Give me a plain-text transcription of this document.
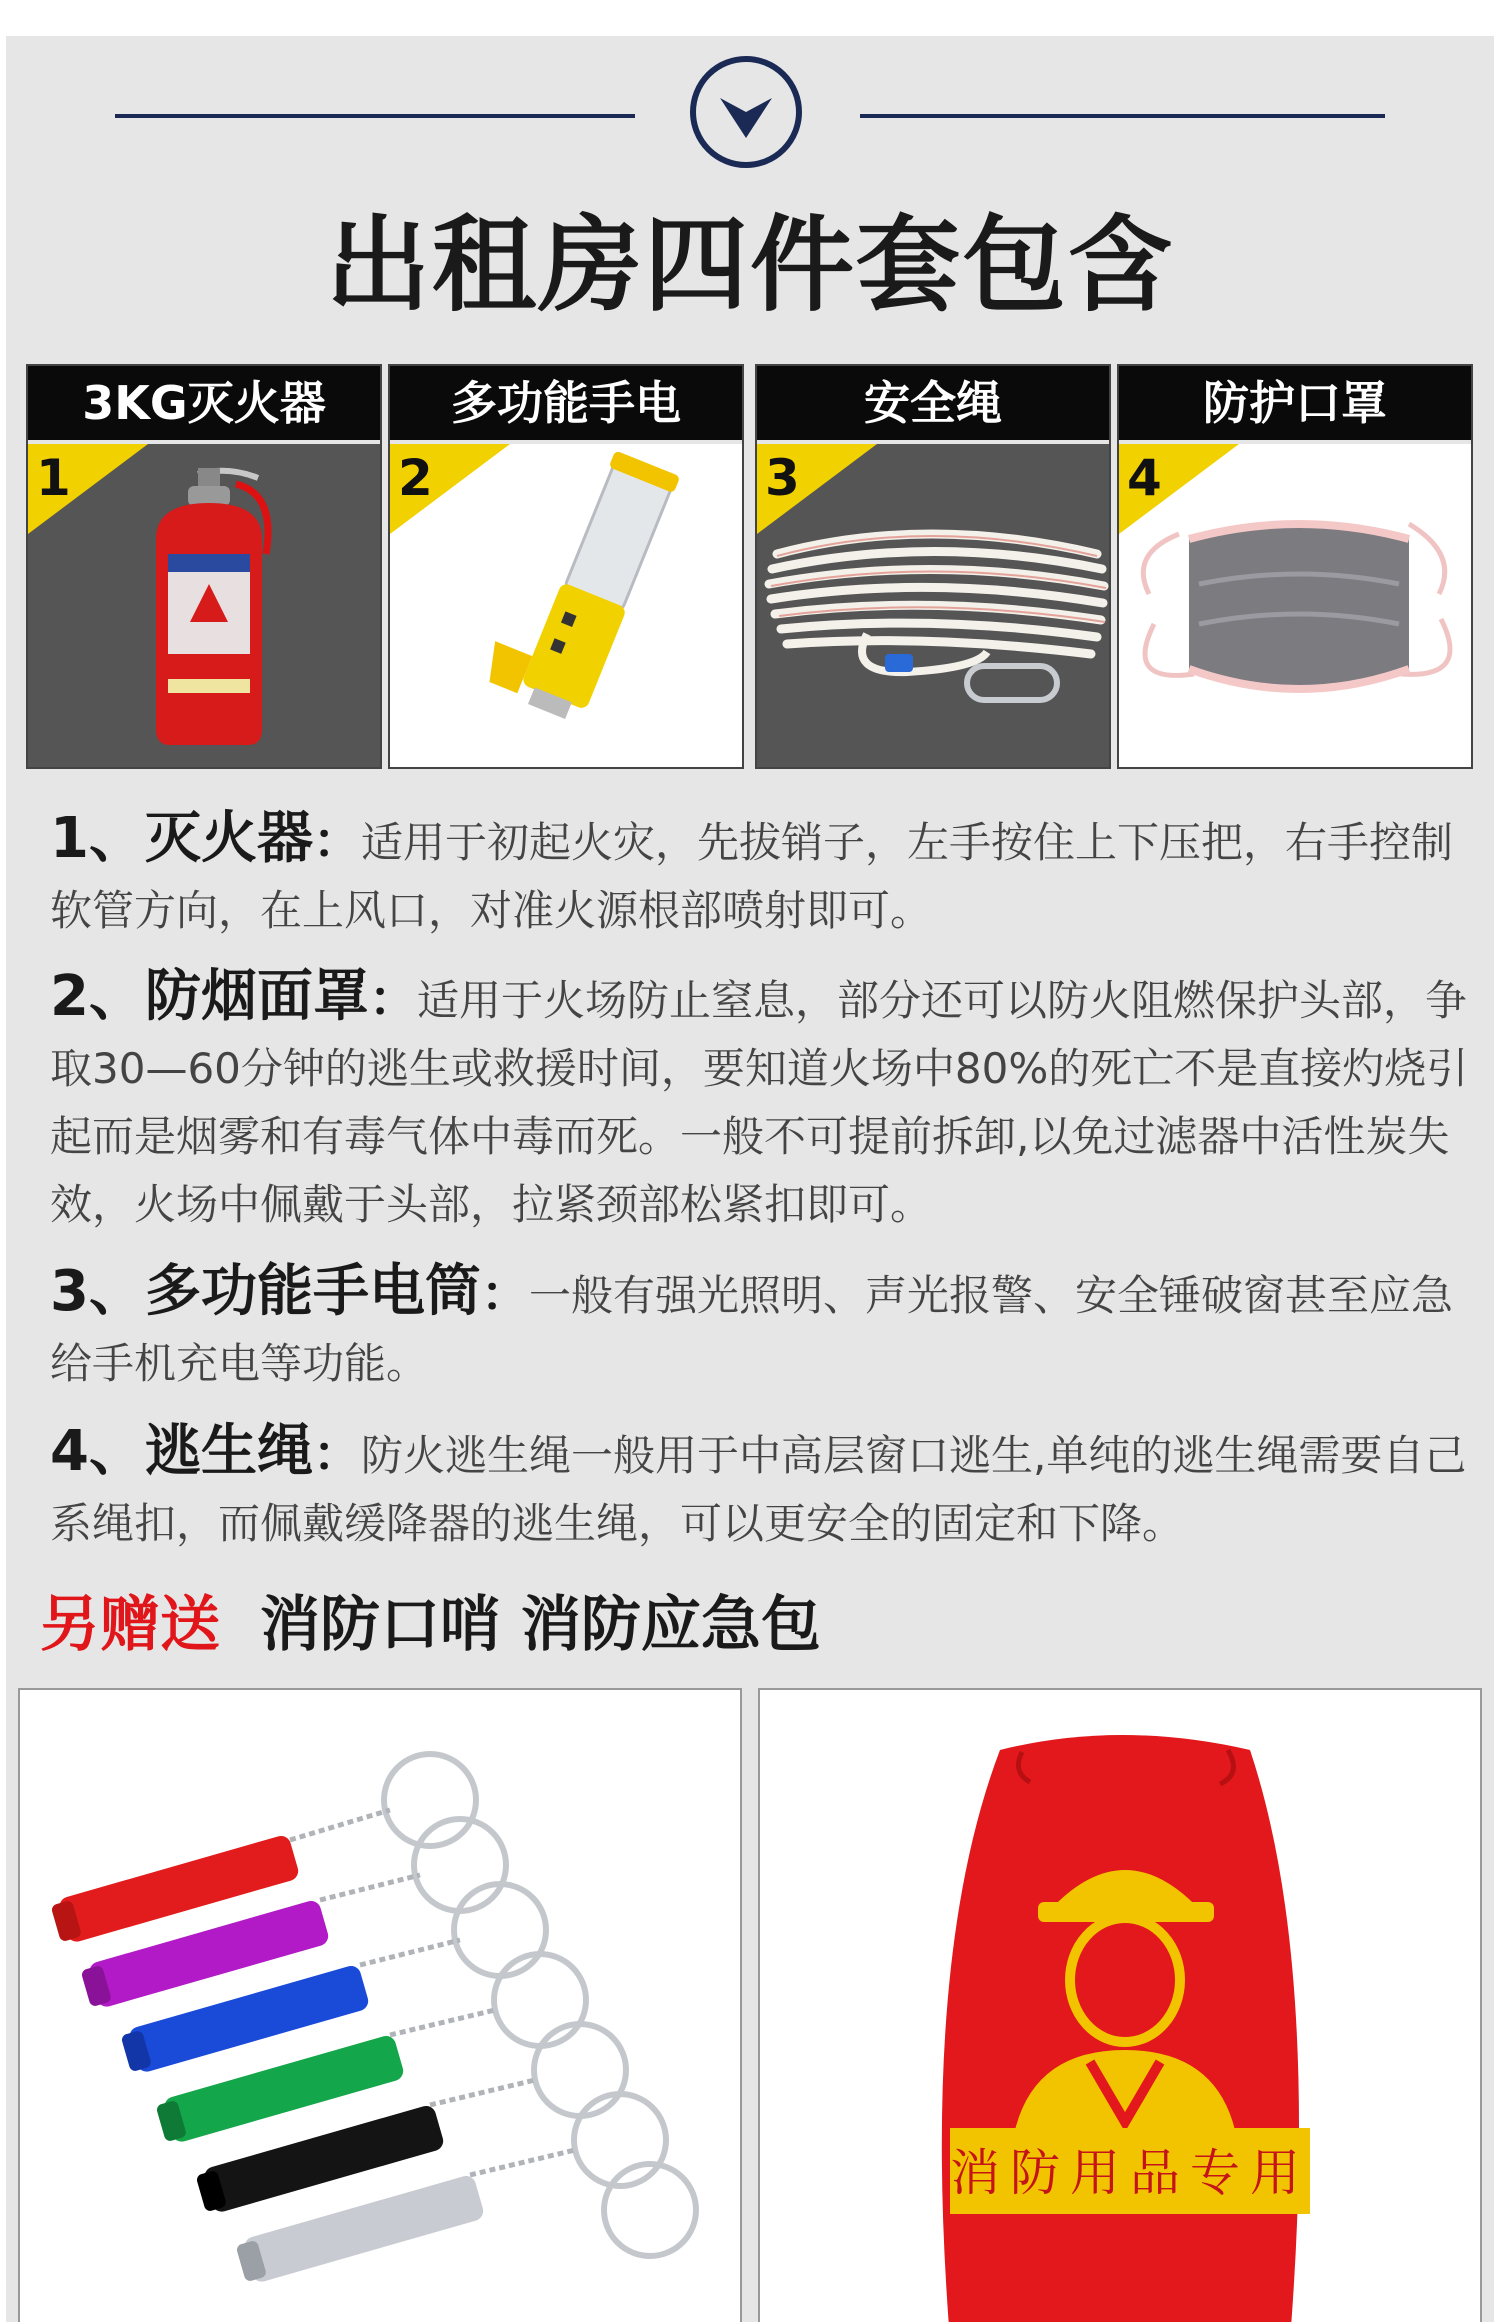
出租房四件套包含
3KG灭火器
1
多功能手电
2
安全绳
3
防护口罩
4
1、灭火器：适用于初起火灾，先拔销子，左手按住上下压把，右手控制软管方向，在上风口，对准火源根部喷射即可。
2、防烟面罩：适用于火场防止窒息，部分还可以防火阻燃保护头部，争取30—60分钟的逃生或救援时间，要知道火场中80%的死亡不是直接灼烧引起而是烟雾和有毒气体中毒而死。一般不可提前拆卸,以免过滤器中活性炭失效，火场中佩戴于头部，拉紧颈部松紧扣即可。
3、多功能手电筒：一般有强光照明、声光报警、安全锤破窗甚至应急给手机充电等功能。
4、逃生绳：防火逃生绳一般用于中高层窗口逃生,单纯的逃生绳需要自己系绳扣，而佩戴缓降器的逃生绳，可以更安全的固定和下降。
另赠送 消防口哨 消防应急包
消防用品专用
